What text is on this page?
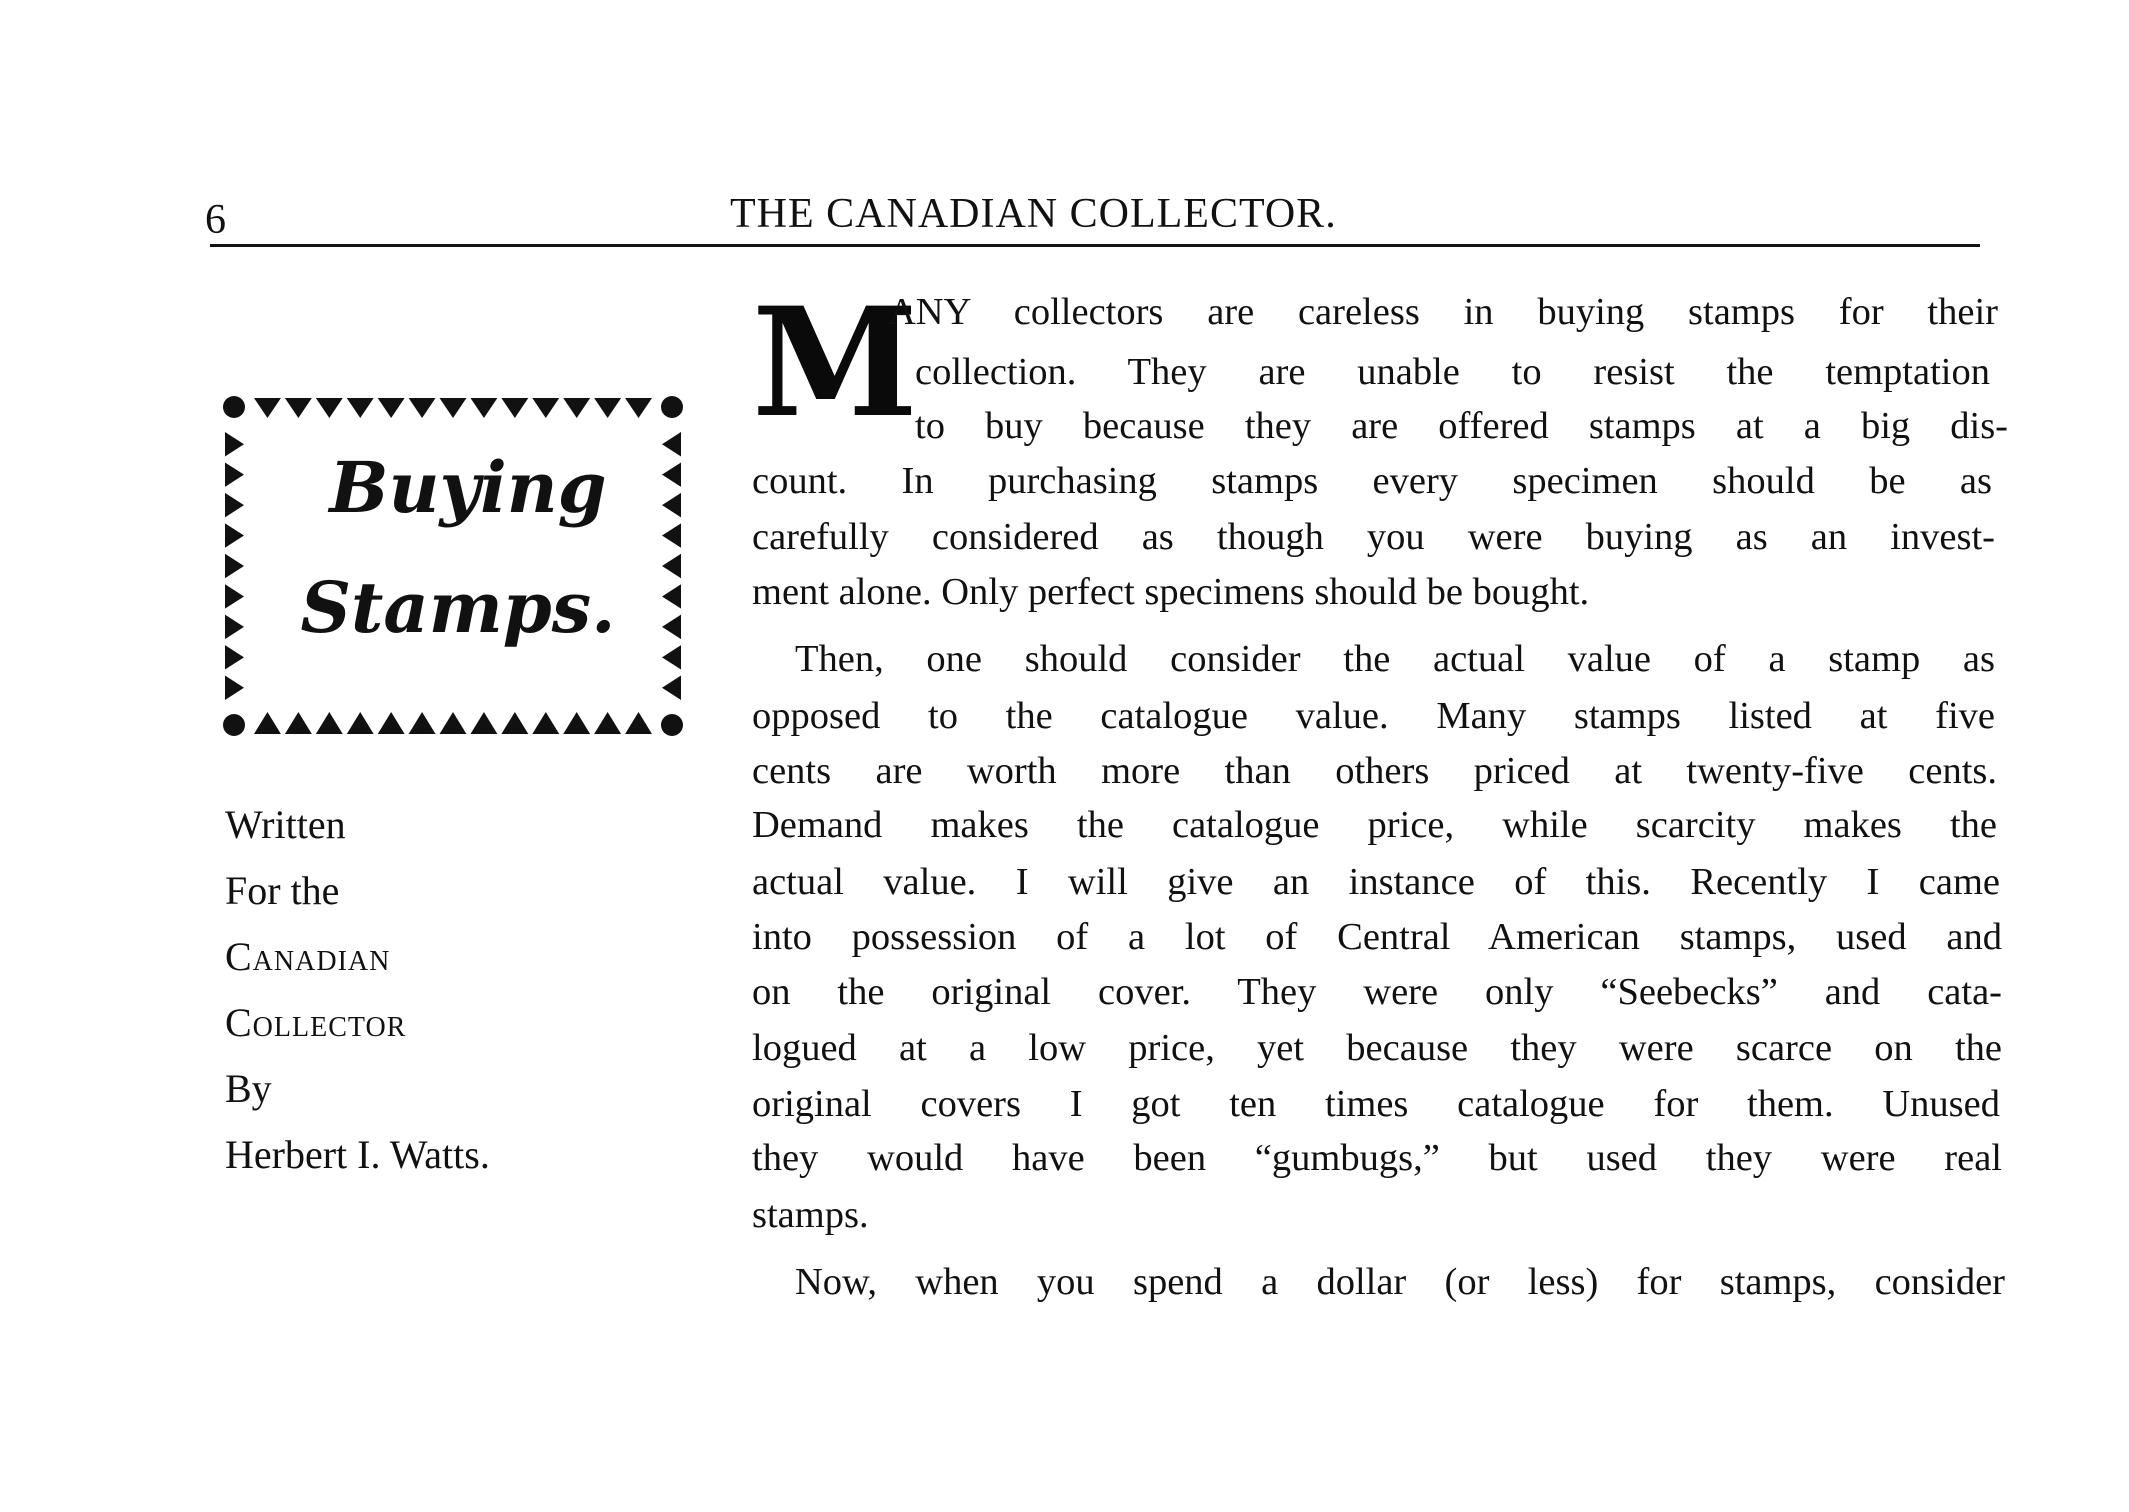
6	THE CANADIAN COLLECTOR.
Buying
Stamps.
Written
For the
Canadian
Collector
By
Herbert I. Watts.
M
ANY collectors are careless in buying stamps for their
collection. They are unable to resist the temptation
to buy because they are offered stamps at a big dis-
count. In purchasing stamps every specimen should be as
carefully considered as though you were buying as an invest-
ment alone. Only perfect specimens should be bought.
Then, one should consider the actual value of a stamp as
opposed to the catalogue value. Many stamps listed at five
cents are worth more than others priced at twenty-five cents.
Demand makes the catalogue price, while scarcity makes the
actual value. I will give an instance of this. Recently I came
into possession of a lot of Central American stamps, used and
on the original cover. They were only “Seebecks” and cata-
logued at a low price, yet because they were scarce on the
original covers I got ten times catalogue for them. Unused
they would have been “gumbugs,” but used they were real
stamps.
Now, when you spend a dollar (or less) for stamps, consider
